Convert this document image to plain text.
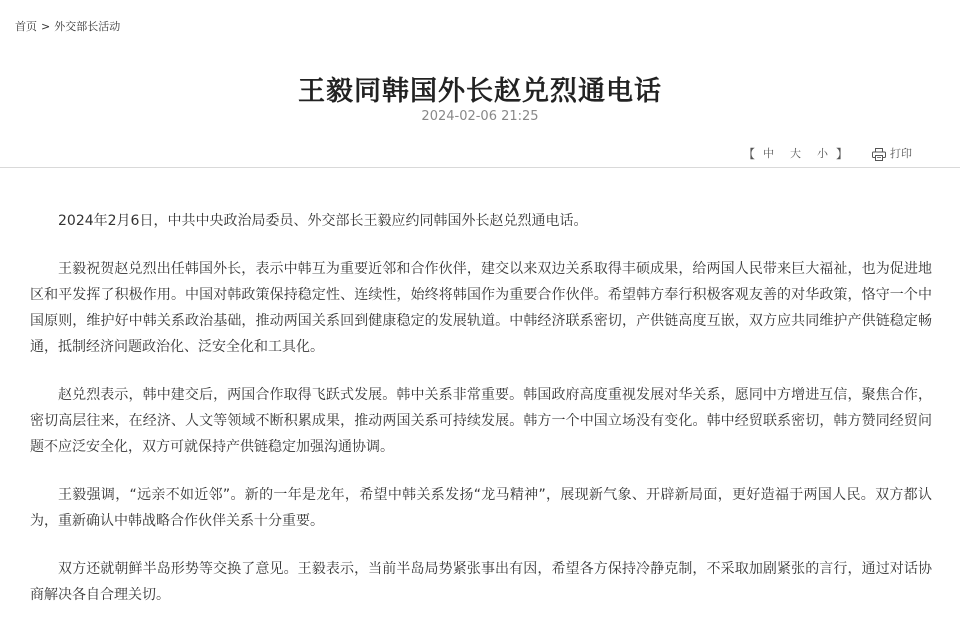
首页 > 外交部长活动
王毅同韩国外长赵兑烈通电话
2024-02-06 21:25
【 中 大 小 】	打印

2024年2月6日，中共中央政治局委员、外交部长王毅应约同韩国外长赵兑烈通电话。

王毅祝贺赵兑烈出任韩国外长，表示中韩互为重要近邻和合作伙伴，建交以来双边关系取得丰硕成果，给两国人民带来巨大福祉，也为促进地区和平发挥了积极作用。中国对韩政策保持稳定性、连续性，始终将韩国作为重要合作伙伴。希望韩方奉行积极客观友善的对华政策，恪守一个中国原则，维护好中韩关系政治基础，推动两国关系回到健康稳定的发展轨道。中韩经济联系密切，产供链高度互嵌，双方应共同维护产供链稳定畅通，抵制经济问题政治化、泛安全化和工具化。

赵兑烈表示，韩中建交后，两国合作取得飞跃式发展。韩中关系非常重要。韩国政府高度重视发展对华关系，愿同中方增进互信，聚焦合作，密切高层往来，在经济、人文等领域不断积累成果，推动两国关系可持续发展。韩方一个中国立场没有变化。韩中经贸联系密切，韩方赞同经贸问题不应泛安全化，双方可就保持产供链稳定加强沟通协调。

王毅强调，“远亲不如近邻”。新的一年是龙年，希望中韩关系发扬“龙马精神”，展现新气象、开辟新局面，更好造福于两国人民。双方都认为，重新确认中韩战略合作伙伴关系十分重要。

双方还就朝鲜半岛形势等交换了意见。王毅表示，当前半岛局势紧张事出有因，希望各方保持冷静克制，不采取加剧紧张的言行，通过对话协商解决各自合理关切。
